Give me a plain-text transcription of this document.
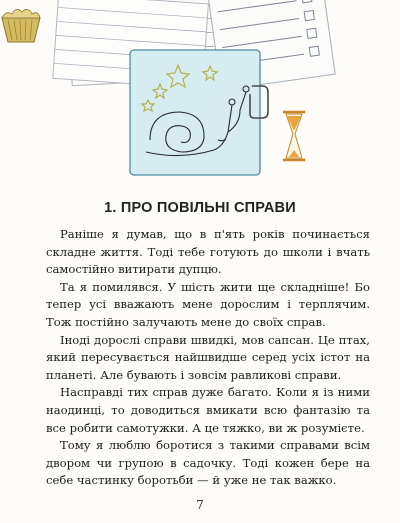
1. ПРО ПОВІЛЬНІ СПРАВИ

Раніше я думав, що в п'ять років починається складне життя. Тоді тебе готують до школи і вчать самостійно витирати дупцю.

Та я помилявся. У шість жити ще складніше! Бо тепер усі вважають мене дорослим і терплячим. Тож постійно залучають мене до своїх справ.

Іноді дорослі справи швидкі, мов сапсан. Це птах, який пересувається найшвидше серед усіх істот на планеті. Але бувають і зовсім равликові справи.

Насправді тих справ дуже багато. Коли я із ними наодинці, то доводиться вмикати всю фантазію та все робити самотужки. А це тяжко, ви ж розумієте.

Тому я люблю боротися з такими справами всім двором чи групою в садочку. Тоді кожен бере на себе частинку боротьби — й уже не так важко.

7
